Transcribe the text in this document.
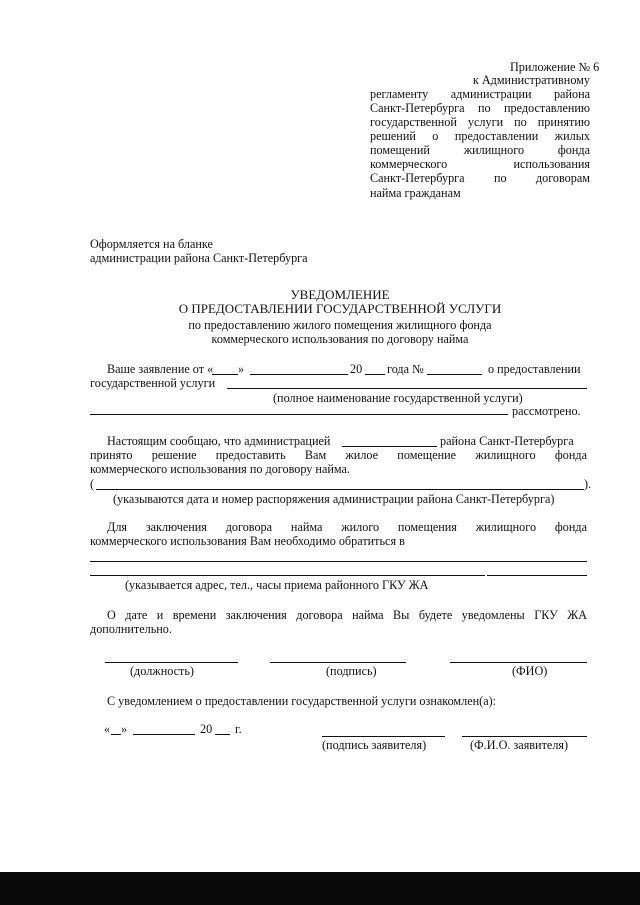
Приложение № 6
к Административному
регламенту администрации района
Санкт-Петербурга по предоставлению
государственной услуги по принятию
решений о предоставлении жилых
помещений жилищного фонда
коммерческого использования
Санкт-Петербурга по договорам
найма гражданам
Оформляется на бланке
администрации района Санкт-Петербурга
УВЕДОМЛЕНИЕ
О ПРЕДОСТАВЛЕНИИ ГОСУДАРСТВЕННОЙ УСЛУГИ
по предоставлению жилого помещения жилищного фонда
коммерческого использования по договору найма
Ваше заявление от « »	20 года №	о предоставлении
государственной услуги
(полное наименование государственной услуги)
рассмотрено.
Настоящим сообщаю, что администрацией	района Санкт-Петербурга
принято решение предоставить Вам жилое помещение жилищного фонда
коммерческого использования по договору найма.
(	).
(указываются дата и номер распоряжения администрации района Санкт-Петербурга)
Для заключения договора найма жилого помещения жилищного фонда
коммерческого использования Вам необходимо обратиться в
(указывается адрес, тел., часы приема районного ГКУ ЖА
О дате и времени заключения договора найма Вы будете уведомлены ГКУ ЖА
дополнительно.
(должность)	(подпись)	(ФИО)
С уведомлением о предоставлении государственной услуги ознакомлен(а):
« »	20 г.
(подпись заявителя)	(Ф.И.О. заявителя)
